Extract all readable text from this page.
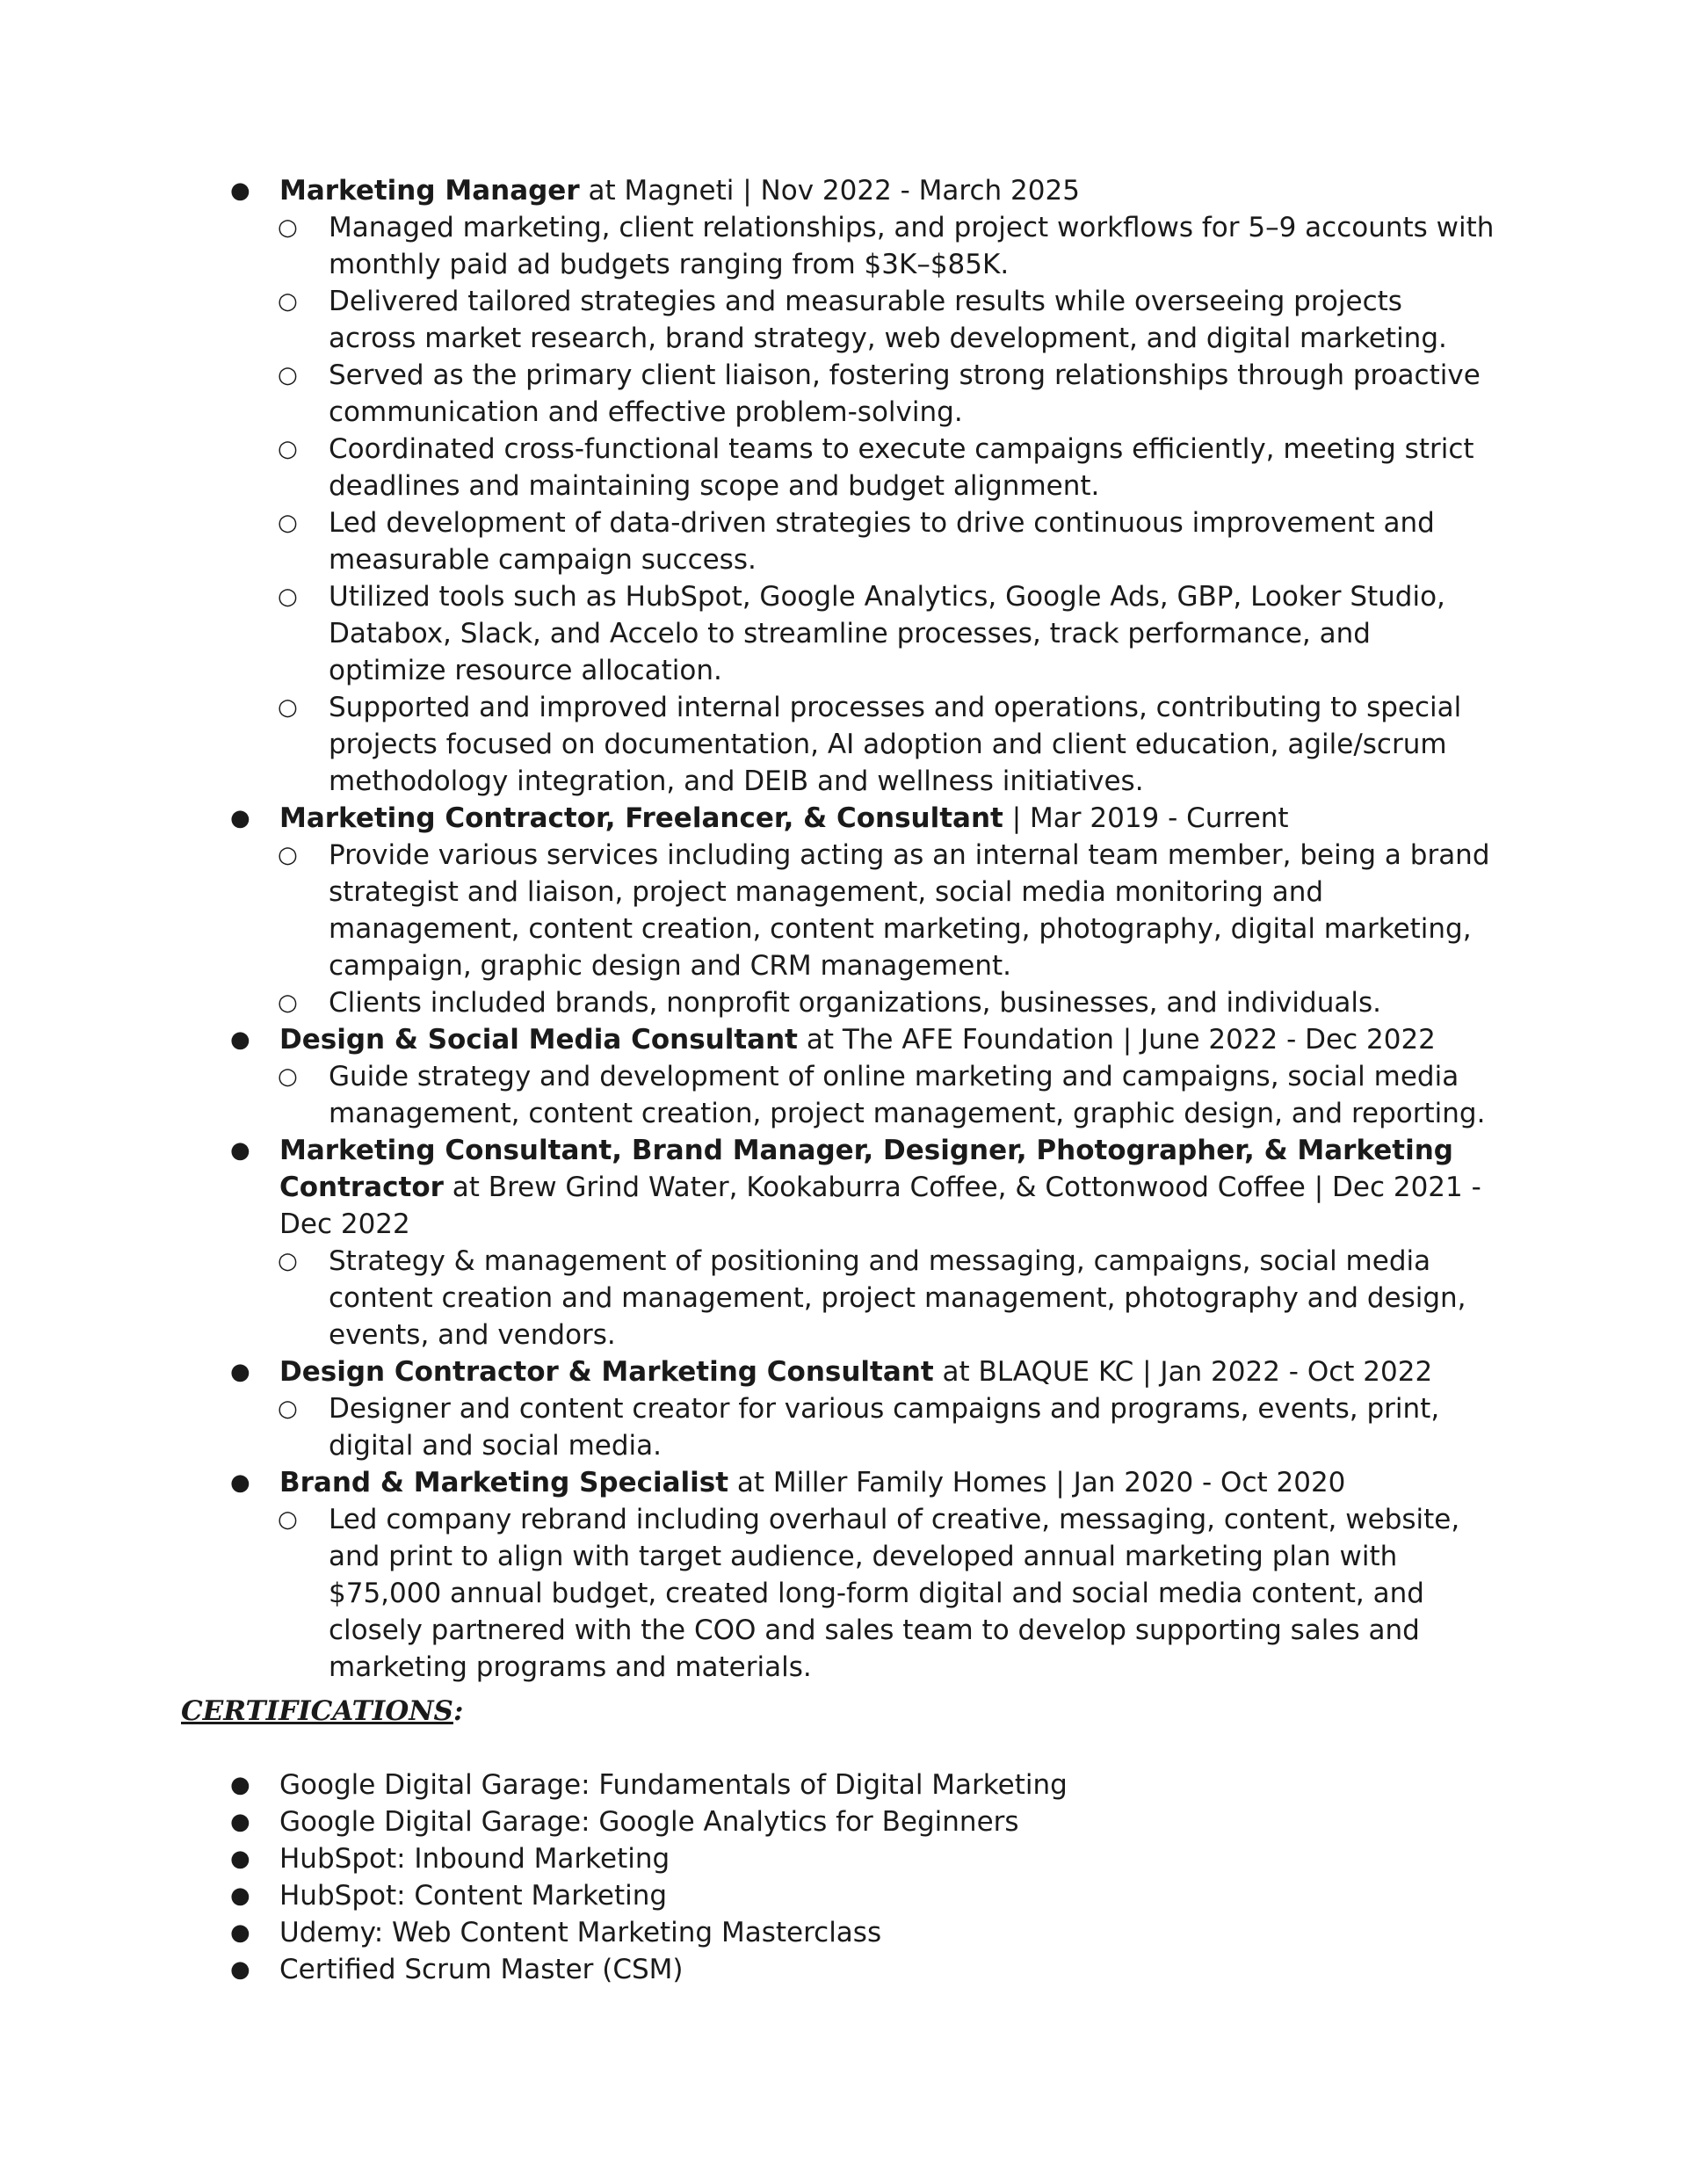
●	Marketing Manager at Magneti | Nov 2022 - March 2025
○ Managed marketing, client relationships, and project workflows for 5–9 accounts with monthly paid ad budgets ranging from $3K–$85K.
○ Delivered tailored strategies and measurable results while overseeing projects across market research, brand strategy, web development, and digital marketing.
○ Served as the primary client liaison, fostering strong relationships through proactive communication and effective problem-solving.
○ Coordinated cross-functional teams to execute campaigns efficiently, meeting strict deadlines and maintaining scope and budget alignment.
○ Led development of data-driven strategies to drive continuous improvement and measurable campaign success.
○ Utilized tools such as HubSpot, Google Analytics, Google Ads, GBP, Looker Studio, Databox, Slack, and Accelo to streamline processes, track performance, and optimize resource allocation.
○ Supported and improved internal processes and operations, contributing to special projects focused on documentation, AI adoption and client education, agile/scrum methodology integration, and DEIB and wellness initiatives.
●	Marketing Contractor, Freelancer, & Consultant | Mar 2019 - Current
○ Provide various services including acting as an internal team member, being a brand strategist and liaison, project management, social media monitoring and management, content creation, content marketing, photography, digital marketing, campaign, graphic design and CRM management.
○ Clients included brands, nonprofit organizations, businesses, and individuals.
●	Design & Social Media Consultant at The AFE Foundation | June 2022 - Dec 2022
○ Guide strategy and development of online marketing and campaigns, social media management, content creation, project management, graphic design, and reporting.
●	Marketing Consultant, Brand Manager, Designer, Photographer, & Marketing Contractor at Brew Grind Water, Kookaburra Coffee, & Cottonwood Coffee | Dec 2021 - Dec 2022
○ Strategy & management of positioning and messaging, campaigns, social media content creation and management, project management, photography and design, events, and vendors.
●	Design Contractor & Marketing Consultant at BLAQUE KC | Jan 2022 - Oct 2022
○ Designer and content creator for various campaigns and programs, events, print, digital and social media.
●	Brand & Marketing Specialist at Miller Family Homes | Jan 2020 - Oct 2020
○ Led company rebrand including overhaul of creative, messaging, content, website, and print to align with target audience, developed annual marketing plan with $75,000 annual budget, created long-form digital and social media content, and closely partnered with the COO and sales team to develop supporting sales and marketing programs and materials.
CERTIFICATIONS:
●	Google Digital Garage: Fundamentals of Digital Marketing
●	Google Digital Garage: Google Analytics for Beginners
●	HubSpot: Inbound Marketing
●	HubSpot: Content Marketing
●	Udemy: Web Content Marketing Masterclass
●	Certified Scrum Master (CSM)
